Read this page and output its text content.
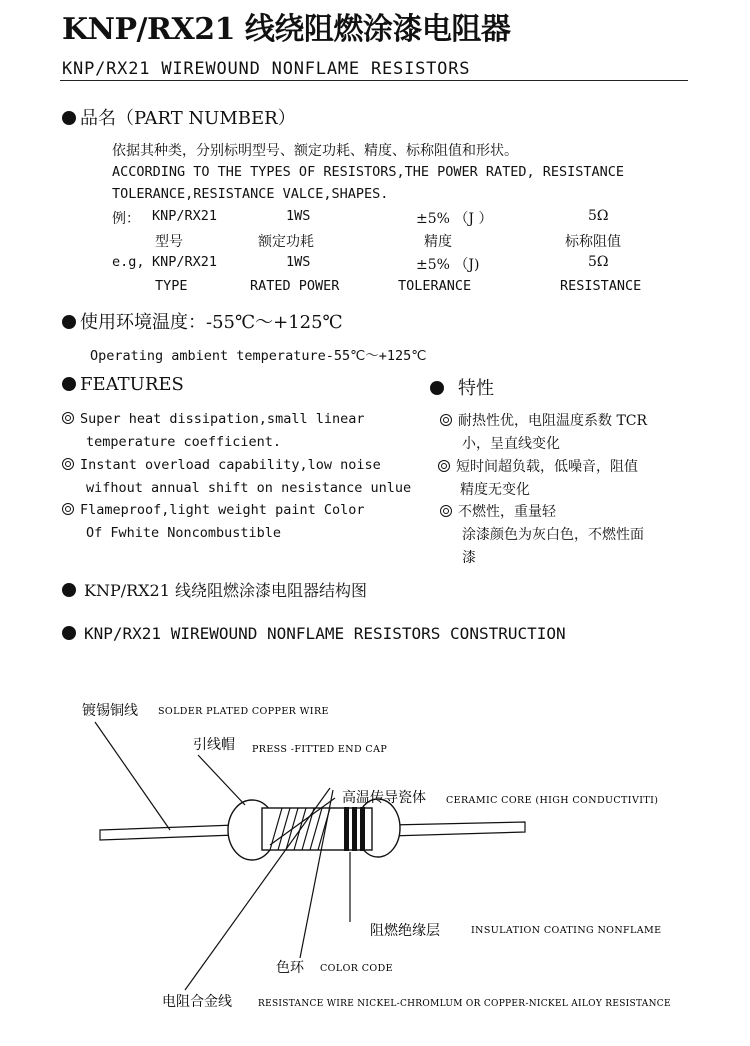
KNP/RX21 线绕阻燃涂漆电阻器
KNP/RX21 WIREWOUND NONFLAME RESISTORS
品名（PART NUMBER）
依据其种类，分别标明型号、额定功耗、精度、标称阻值和形状。
ACCORDING TO THE TYPES OF RESISTORS,THE POWER RATED, RESISTANCE
TOLERANCE,RESISTANCE VALCE,SHAPES.
例： KNP/RX21	1WS	±5% （J ）	5Ω
型号	额定功耗	精度	标称阻值
e.g, KNP/RX21	1WS	±5% （J)	5Ω
TYPE	RATED POWER	TOLERANCE	RESISTANCE
使用环境温度：-55℃～+125℃
Operating ambient temperature-55℃～+125℃
FEATURES	特性
Super heat dissipation,small linear
temperature coefficient.
Instant overload capability,low noise
wifhout annual shift on nesistance unlue
Flameproof,light weight paint Color
Of Fwhite Noncombustible
耐热性优，电阻温度系数 TCR
小，呈直线变化
短时间超负载，低噪音，阻值
精度无变化
不燃性，重量轻
涂漆颜色为灰白色，不燃性面
漆
KNP/RX21 线绕阻燃涂漆电阻器结构图
KNP/RX21 WIREWOUND NONFLAME RESISTORS CONSTRUCTION
镀锡铜线 SOLDER PLATED COPPER WIRE
引线帽 PRESS -FITTED END CAP
高温传导瓷体 CERAMIC CORE (HIGH CONDUCTIVITI)
阻燃绝缘层	INSULATION COATING NONFLAME
色环 COLOR CODE
电阻合金线	RESISTANCE WIRE NICKEL-CHROMLUM OR COPPER-NICKEL AILOY RESISTANCE
